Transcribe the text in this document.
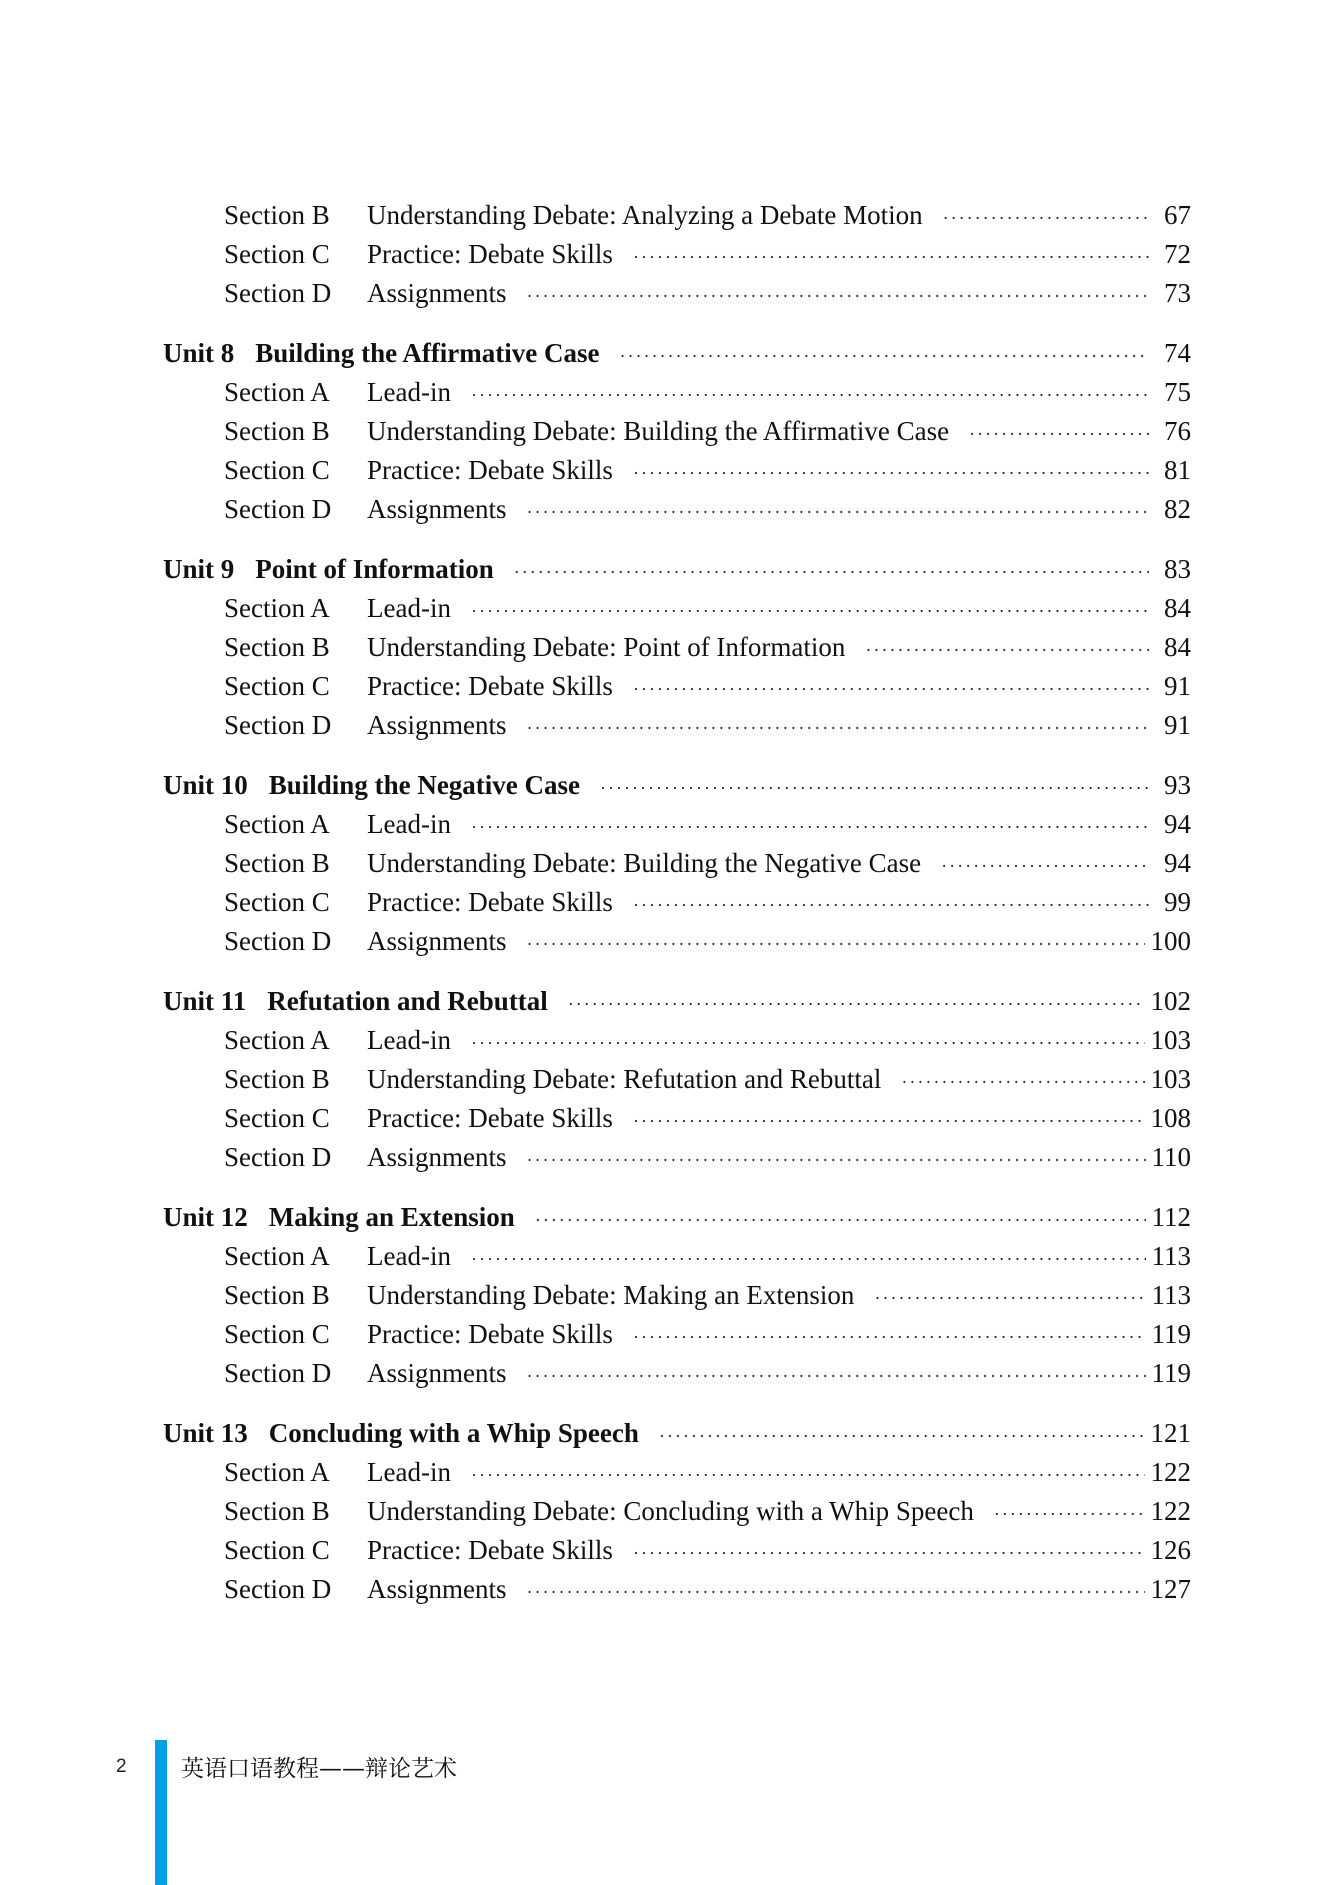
Section B	Understanding Debate: Analyzing a Debate Motion ·····	67
Section C	Practice: Debate Skills ·····	72
Section D	Assignments ·····	73
Unit 8 Building the Affirmative Case ·····	74
Section A	Lead-in ·····	75
Section B	Understanding Debate: Building the Affirmative Case ·····	76
Section C	Practice: Debate Skills ·····	81
Section D	Assignments ·····	82
Unit 9 Point of Information ·····	83
Section A	Lead-in ·····	84
Section B	Understanding Debate: Point of Information ·····	84
Section C	Practice: Debate Skills ·····	91
Section D	Assignments ·····	91
Unit 10 Building the Negative Case ·····	93
Section A	Lead-in ·····	94
Section B	Understanding Debate: Building the Negative Case ·····	94
Section C	Practice: Debate Skills ·····	99
Section D	Assignments ·····	100
Unit 11 Refutation and Rebuttal ·····	102
Section A	Lead-in ·····	103
Section B	Understanding Debate: Refutation and Rebuttal ·····	103
Section C	Practice: Debate Skills ·····	108
Section D	Assignments ·····	110
Unit 12 Making an Extension ·····	112
Section A	Lead-in ·····	113
Section B	Understanding Debate: Making an Extension ·····	113
Section C	Practice: Debate Skills ·····	119
Section D	Assignments ·····	119
Unit 13 Concluding with a Whip Speech ·····	121
Section A	Lead-in ·····	122
Section B	Understanding Debate: Concluding with a Whip Speech ·····	122
Section C	Practice: Debate Skills ·····	126
Section D	Assignments ·····	127
2 英语口语教程——辩论艺术
